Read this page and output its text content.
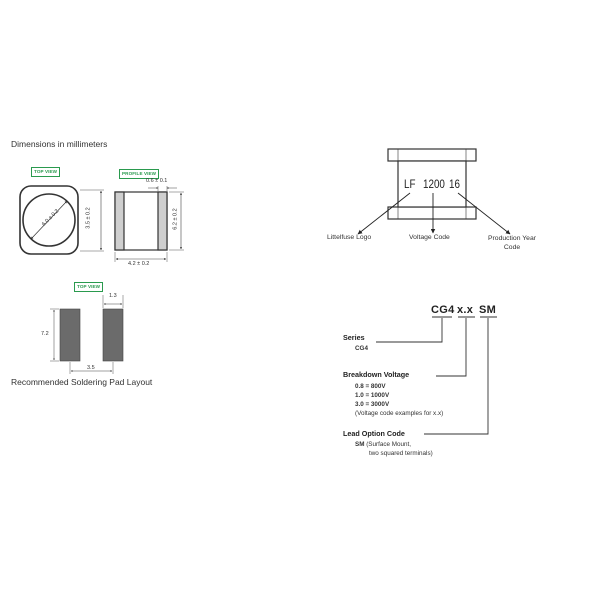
Dimensions in millimeters
TOP VIEW	PROFILE VIEW
TOP VIEW
6.0 ± 0.2	3.5 ± 0.2
0.6 ± 0.1
6.2 ± 0.2
4.2 ± 0.2
1.3
7.2
3.5
Recommended Soldering Pad Layout
LF 1200 16
Littelfuse Logo	Voltage Code	Production Year Code
CG4 x.x SM
Series
CG4
Breakdown Voltage
0.8 = 800V
1.0 = 1000V
3.0 = 3000V
(Voltage code examples for x.x)
Lead Option Code
SM (Surface Mount,
two squared terminals)
